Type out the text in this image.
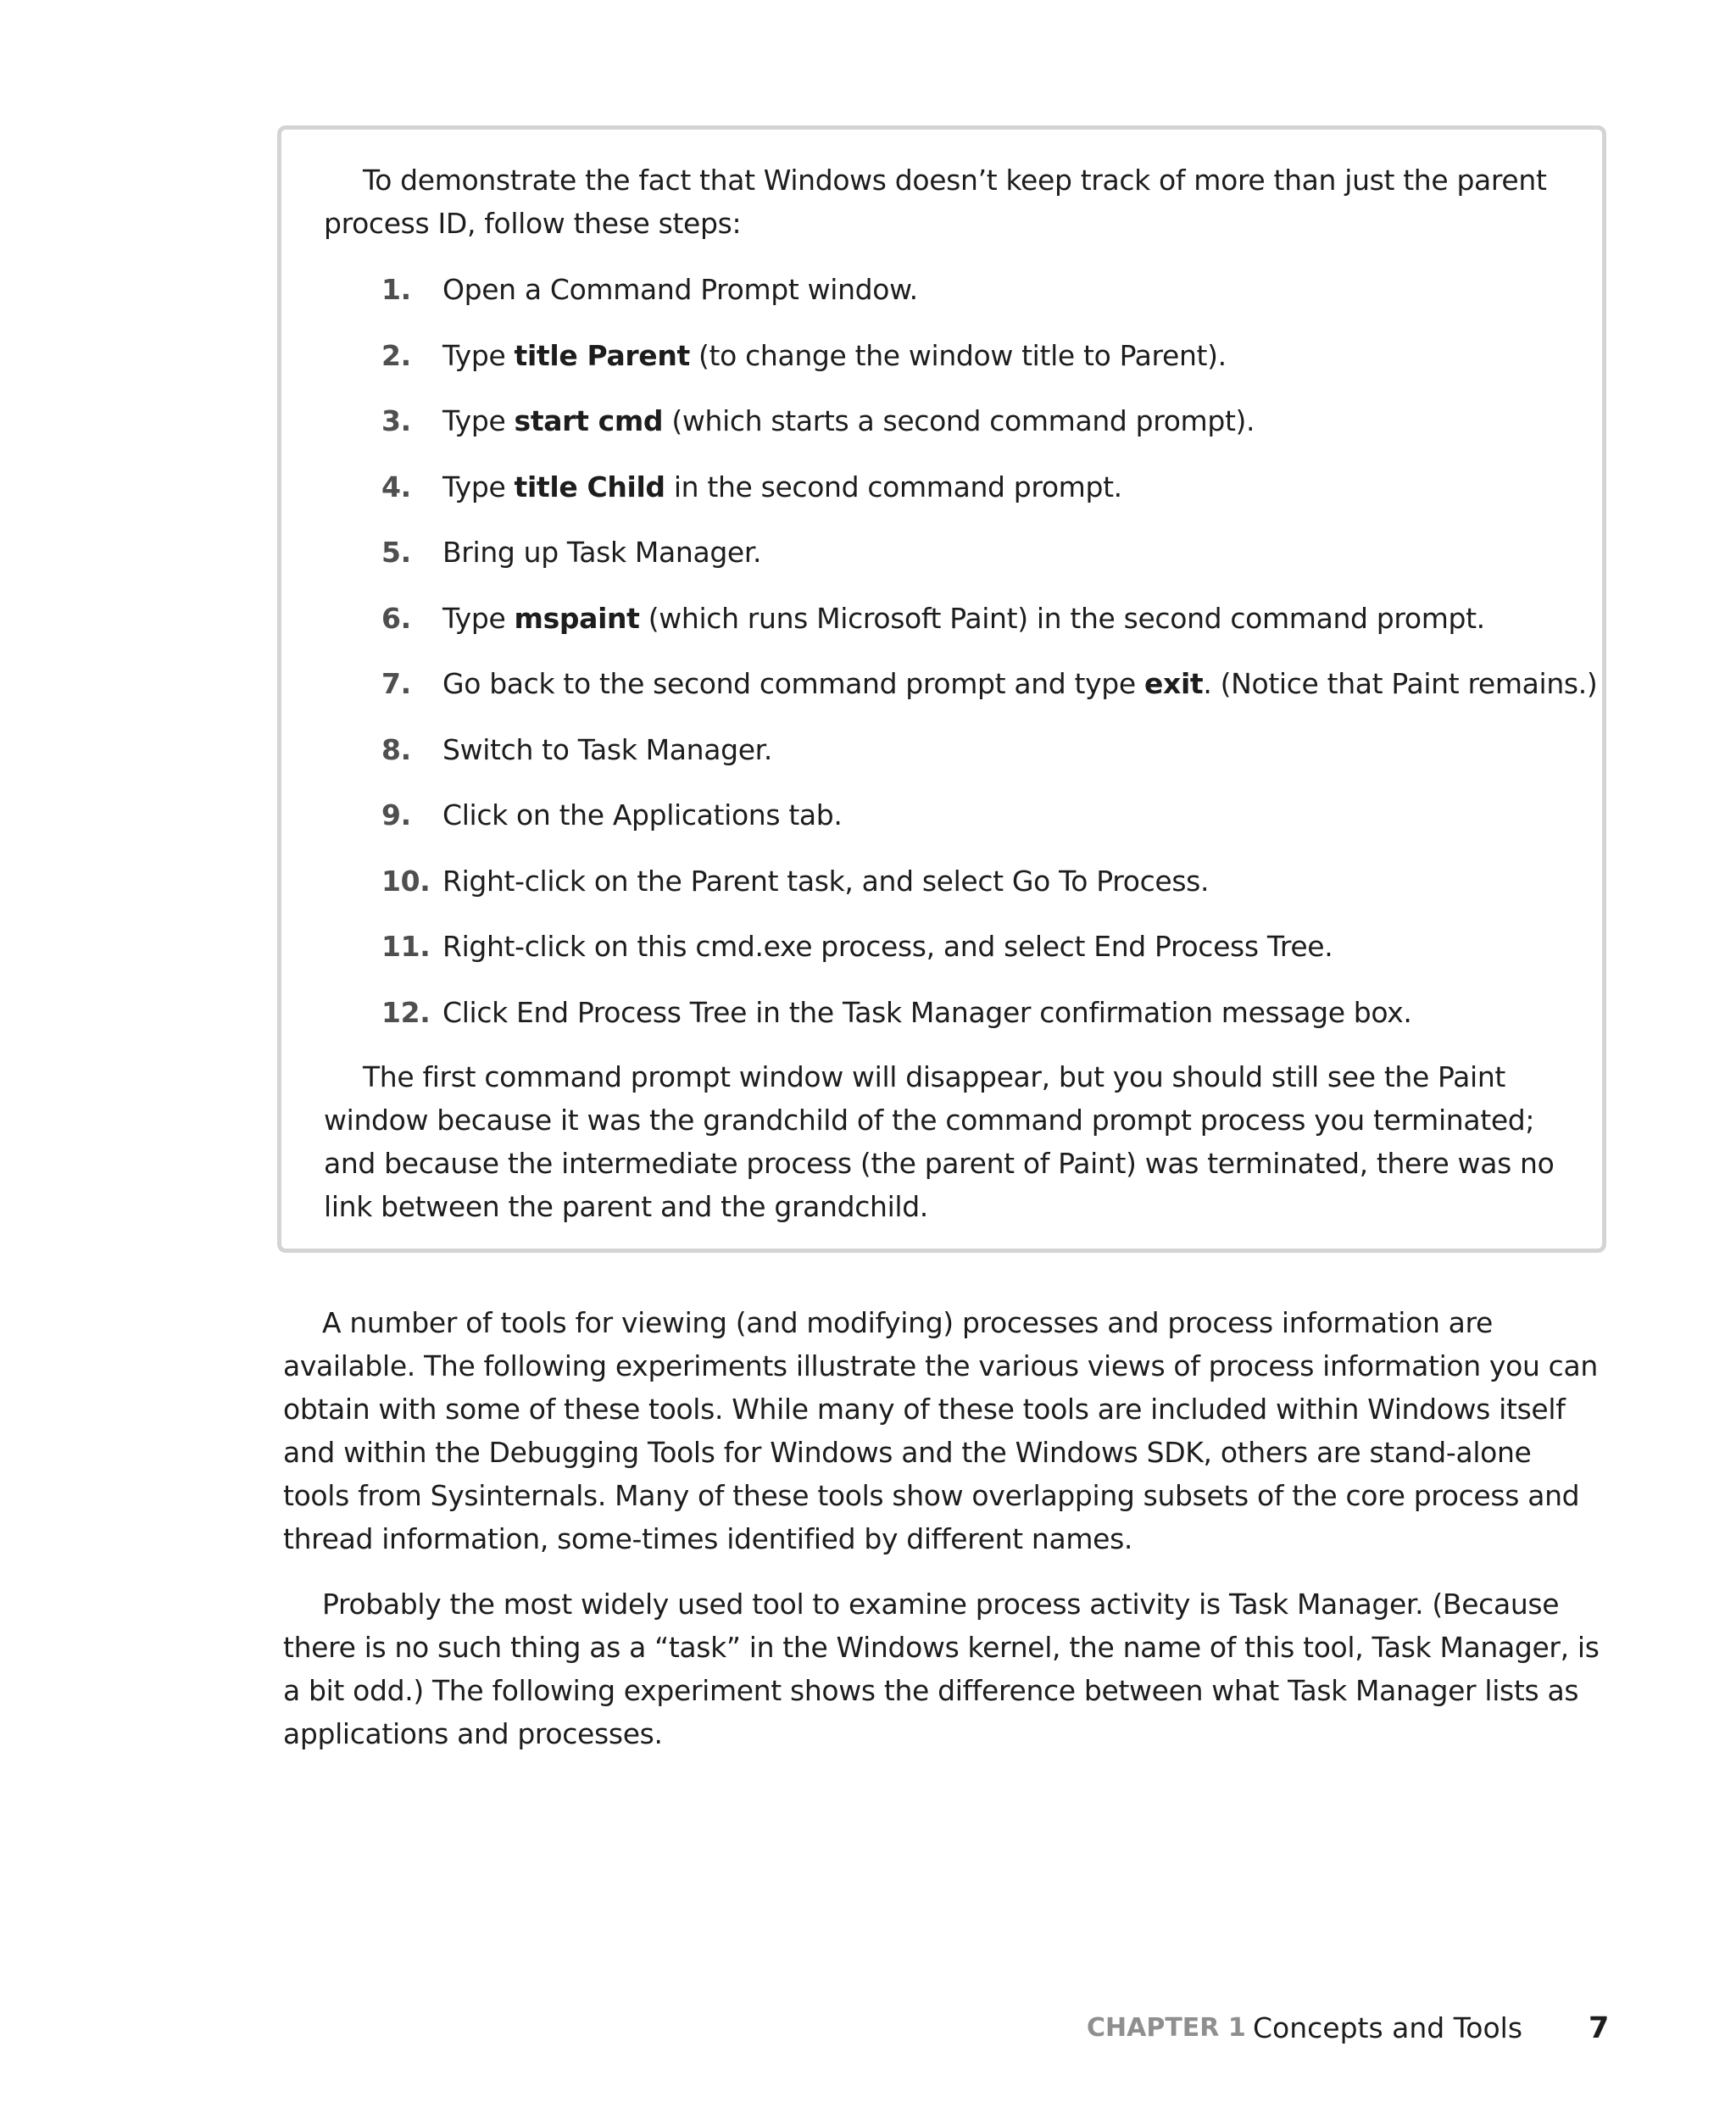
To demonstrate the fact that Windows doesn’t keep track of more than just the parent process ID, follow these steps:

1. Open a Command Prompt window.
2. Type title Parent (to change the window title to Parent).
3. Type start cmd (which starts a second command prompt).
4. Type title Child in the second command prompt.
5. Bring up Task Manager.
6. Type mspaint (which runs Microsoft Paint) in the second command prompt.
7. Go back to the second command prompt and type exit. (Notice that Paint remains.)
8. Switch to Task Manager.
9. Click on the Applications tab.
10. Right-click on the Parent task, and select Go To Process.
11. Right-click on this cmd.exe process, and select End Process Tree.
12. Click End Process Tree in the Task Manager confirmation message box.

The first command prompt window will disappear, but you should still see the Paint window because it was the grandchild of the command prompt process you terminated; and because the intermediate process (the parent of Paint) was terminated, there was no link between the parent and the grandchild.

A number of tools for viewing (and modifying) processes and process information are available. The following experiments illustrate the various views of process information you can obtain with some of these tools. While many of these tools are included within Windows itself and within the Debugging Tools for Windows and the Windows SDK, others are stand-alone tools from Sysinternals. Many of these tools show overlapping subsets of the core process and thread information, some-times identified by different names.

Probably the most widely used tool to examine process activity is Task Manager. (Because there is no such thing as a “task” in the Windows kernel, the name of this tool, Task Manager, is a bit odd.) The following experiment shows the difference between what Task Manager lists as applications and processes.

CHAPTER 1 Concepts and Tools 7
